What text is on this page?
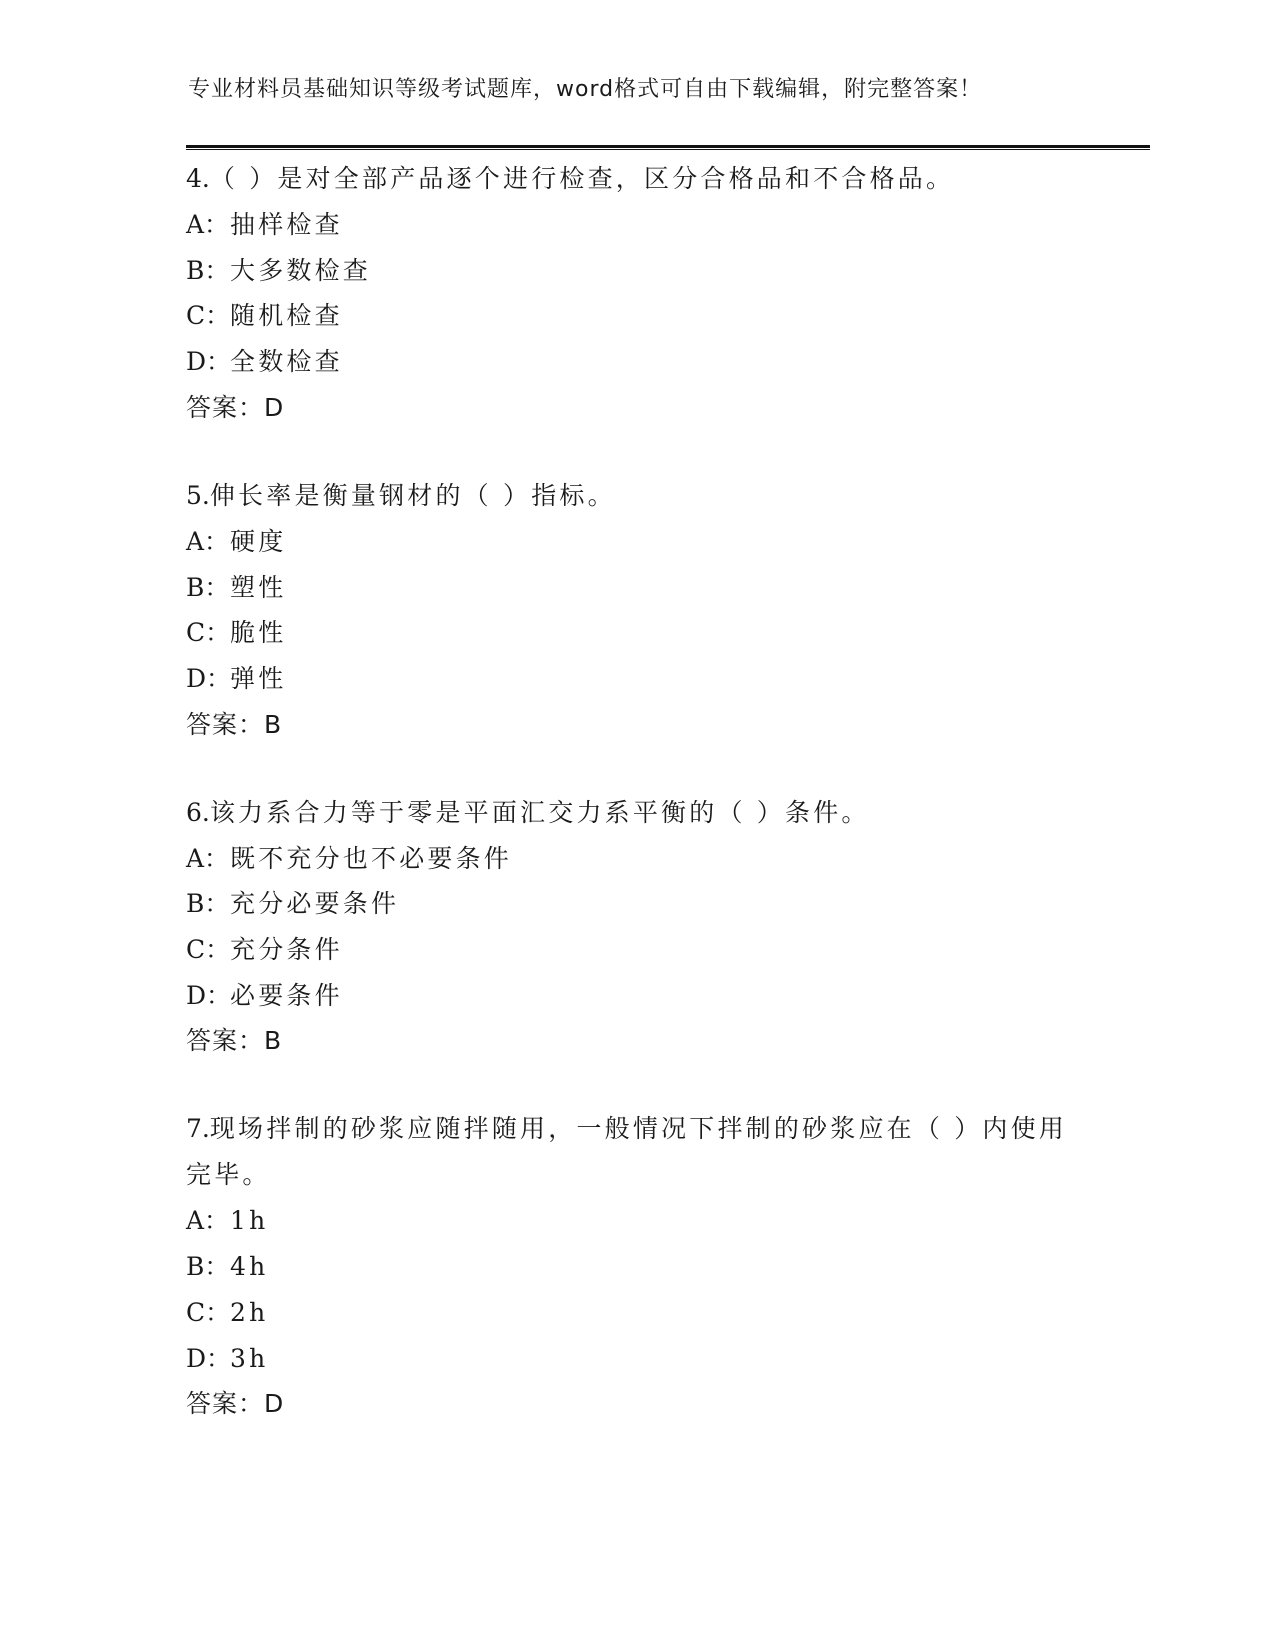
专业材料员基础知识等级考试题库，word格式可自由下载编辑，附完整答案！
4.（ ）是对全部产品逐个进行检查，区分合格品和不合格品。
A：抽样检查
B：大多数检查
C：随机检查
D：全数检查
答案：D
5.伸长率是衡量钢材的（ ）指标。
A：硬度
B：塑性
C：脆性
D：弹性
答案：B
6.该力系合力等于零是平面汇交力系平衡的（ ）条件。
A：既不充分也不必要条件
B：充分必要条件
C：充分条件
D：必要条件
答案：B
7.现场拌制的砂浆应随拌随用，一般情况下拌制的砂浆应在（ ）内使用完毕。
A：1h
B：4h
C：2h
D：3h
答案：D
